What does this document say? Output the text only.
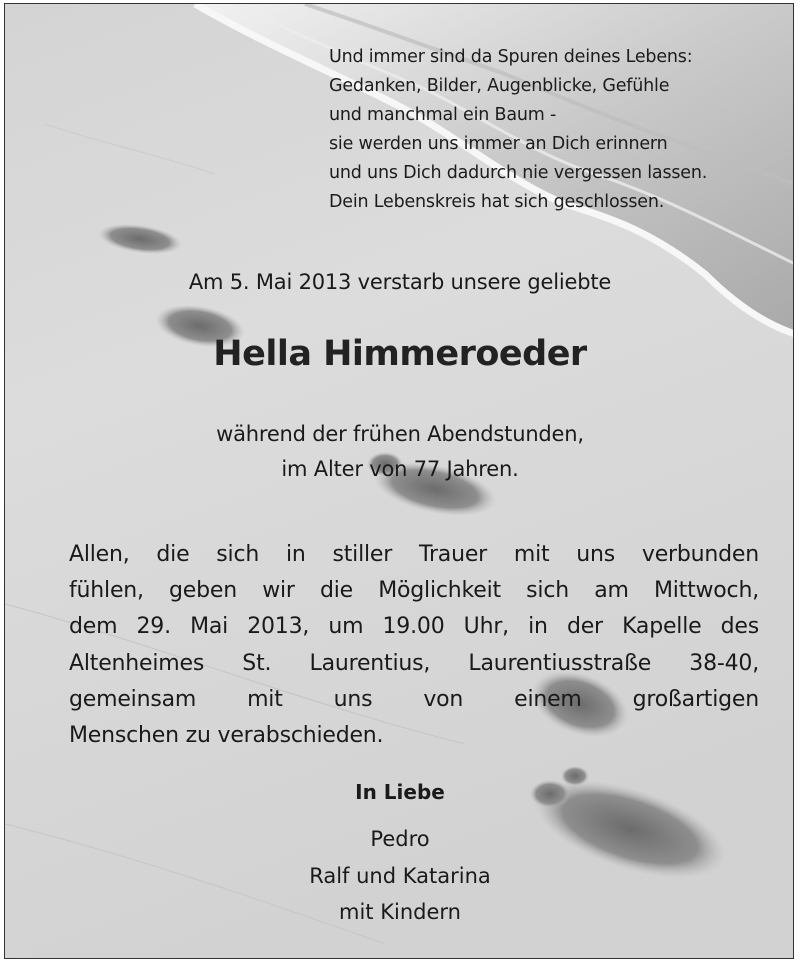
Und immer sind da Spuren deines Lebens:
Gedanken, Bilder, Augenblicke, Gefühle
und manchmal ein Baum -
sie werden uns immer an Dich erinnern
und uns Dich dadurch nie vergessen lassen.
Dein Lebenskreis hat sich geschlossen.
Am 5. Mai 2013 verstarb unsere geliebte
Hella Himmeroeder
während der frühen Abendstunden,
im Alter von 77 Jahren.
Allen, die sich in stiller Trauer mit uns verbunden
fühlen, geben wir die Möglichkeit sich am Mittwoch,
dem 29. Mai 2013, um 19.00 Uhr, in der Kapelle des
Altenheimes St. Laurentius, Laurentiusstraße 38-40,
gemeinsam mit uns von einem großartigen
Menschen zu verabschieden.
In Liebe
Pedro
Ralf und Katarina
mit Kindern
